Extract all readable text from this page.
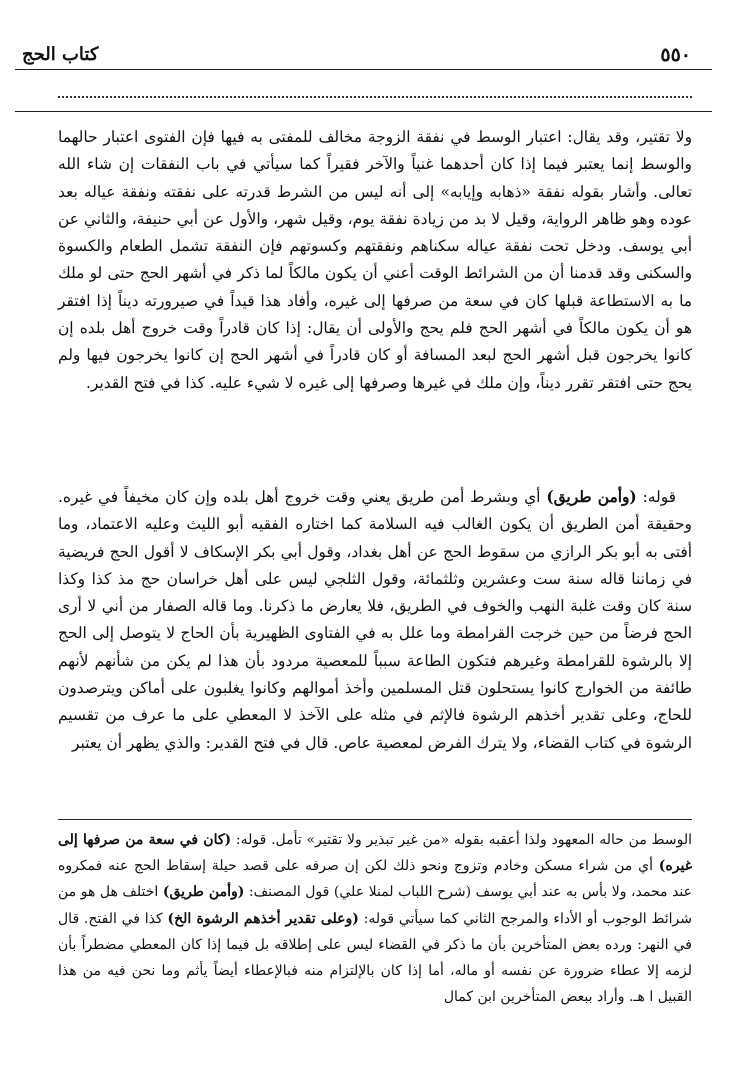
كتاب الحج	٥٥٠

ولا تقتير، وقد يقال: اعتبار الوسط في نفقة الزوجة مخالف للمفتى به فيها فإن الفتوى اعتبار حالهما والوسط إنما يعتبر فيما إذا كان أحدهما غنياً والآخر فقيراً كما سيأتي في باب النفقات إن شاء الله تعالى. وأشار بقوله نفقة «ذهابه وإيابه» إلى أنه ليس من الشرط قدرته على نفقته ونفقة عياله بعد عوده وهو ظاهر الرواية، وقيل لا بد من زيادة نفقة يوم، وقيل شهر، والأول عن أبي حنيفة، والثاني عن أبي يوسف. ودخل تحت نفقة عياله سكناهم ونفقتهم وكسوتهم فإن النفقة تشمل الطعام والكسوة والسكنى وقد قدمنا أن من الشرائط الوقت أعني أن يكون مالكاً لما ذكر في أشهر الحج حتى لو ملك ما به الاستطاعة قبلها كان في سعة من صرفها إلى غيره، وأفاد هذا قيداً في صيرورته ديناً إذا افتقر هو أن يكون مالكاً في أشهر الحج فلم يحج والأولى أن يقال: إذا كان قادراً وقت خروج أهل بلده إن كانوا يخرجون قبل أشهر الحج لبعد المسافة أو كان قادراً في أشهر الحج إن كانوا يخرجون فيها ولم يحج حتى افتقر تقرر ديناً، وإن ملك في غيرها وصرفها إلى غيره لا شيء عليه. كذا في فتح القدير.

قوله: (وأمن طريق) أي وبشرط أمن طريق يعني وقت خروج أهل بلده وإن كان مخيفاً في غيره. وحقيقة أمن الطريق أن يكون الغالب فيه السلامة كما اختاره الفقيه أبو الليث وعليه الاعتماد، وما أفتى به أبو بكر الرازي من سقوط الحج عن أهل بغداد، وقول أبي بكر الإسكاف لا أقول الحج فريضية في زماننا قاله سنة ست وعشرين وثلثمائة، وقول الثلجي ليس على أهل خراسان حج مذ كذا وكذا سنة كان وقت غلبة النهب والخوف في الطريق، فلا يعارض ما ذكرنا. وما قاله الصفار من أني لا أرى الحج فرضاً من حين خرجت القرامطة وما علل به في الفتاوى الظهيرية بأن الحاج لا يتوصل إلى الحج إلا بالرشوة للقرامطة وغيرهم فتكون الطاعة سبباً للمعصية مردود بأن هذا لم يكن من شأنهم لأنهم طائفة من الخوارج كانوا يستحلون قتل المسلمين وأخذ أموالهم وكانوا يغلبون على أماكن ويترصدون للحاج، وعلى تقدير أخذهم الرشوة فالإثم في مثله على الآخذ لا المعطي على ما عرف من تقسيم الرشوة في كتاب القضاء، ولا يترك الفرض لمعصية عاص. قال في فتح القدير: والذي يظهر أن يعتبر

الوسط من حاله المعهود ولذا أعقبه بقوله «من غير تبذير ولا تقتير» تأمل. قوله: (كان في سعة من صرفها إلى غيره) أي من شراء مسكن وخادم وتزوج ونحو ذلك لكن إن صرفه على قصد حيلة إسقاط الحج عنه فمكروه عند محمد، ولا بأس به عند أبي يوسف (شرح اللباب لمنلا علي) قول المصنف: (وأمن طريق) اختلف هل هو من شرائط الوجوب أو الأداء والمرجح الثاني كما سيأتي قوله: (وعلى تقدير أخذهم الرشوة الخ) كذا في الفتح. قال في النهر: ورده بعض المتأخرين بأن ما ذكر في القضاء ليس على إطلاقه بل فيما إذا كان المعطي مضطراً بأن لزمه إلا عطاء ضرورة عن نفسه أو ماله، أما إذا كان بالإلتزام منه فبالإعطاء أيضاً يأثم وما نحن فيه من هذا القبيل ا هـ. وأراد ببعض المتأخرين ابن كمال
